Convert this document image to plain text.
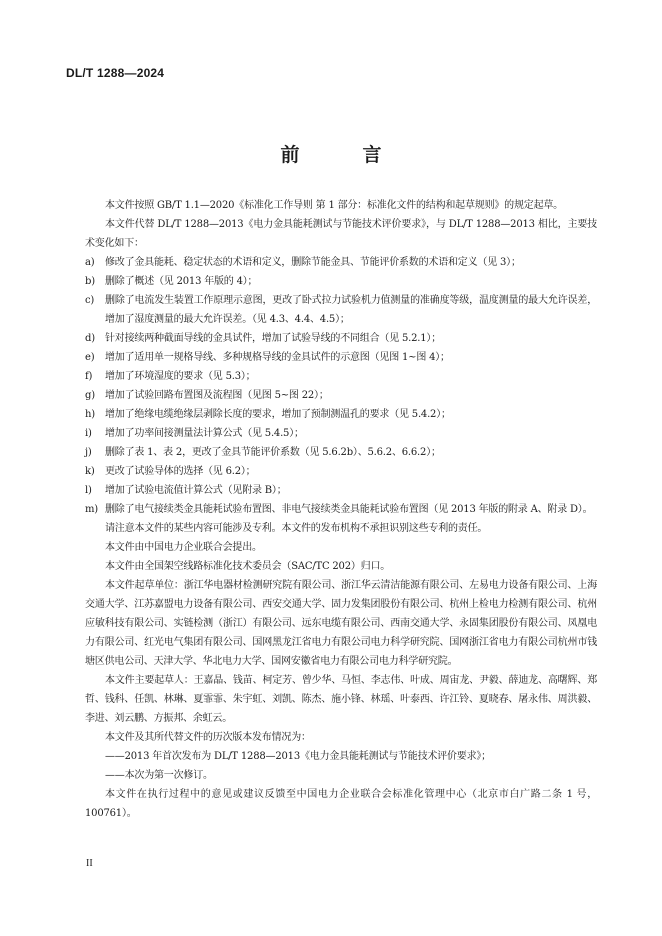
DL/T 1288—2024
前　言

本文件按照 GB/T 1.1—2020《标准化工作导则 第 1 部分：标准化文件的结构和起草规则》的规定起草。

本文件代替 DL/T 1288—2013《电力金具能耗测试与节能技术评价要求》，与 DL/T 1288—2013 相比，主要技术变化如下：

a) 修改了金具能耗、稳定状态的术语和定义，删除节能金具、节能评价系数的术语和定义（见 3）；
b) 删除了概述（见 2013 年版的 4）；
c) 删除了电流发生装置工作原理示意图，更改了卧式拉力试验机力值测量的准确度等级，温度测量的最大允许误差，增加了湿度测量的最大允许误差。（见 4.3、4.4、4.5）；
d) 针对接续两种截面导线的金具试件，增加了试验导线的不同组合（见 5.2.1）；
e) 增加了适用单一规格导线、多种规格导线的金具试件的示意图（见图 1~图 4）；
f) 增加了环境湿度的要求（见 5.3）；
g) 增加了试验回路布置图及流程图（见图 5~图 22）；
h) 增加了绝缘电缆绝缘层剥除长度的要求，增加了预制测温孔的要求（见 5.4.2）；
i) 增加了功率间接测量法计算公式（见 5.4.5）；
j) 删除了表 1、表 2，更改了金具节能评价系数（见 5.6.2b）、5.6.2、6.6.2）；
k) 更改了试验导体的选择（见 6.2）；
l) 增加了试验电流值计算公式（见附录 B）；
m) 删除了电气接续类金具能耗试验布置图、非电气接续类金具能耗试验布置图（见 2013 年版的附录 A、附录 D）。

请注意本文件的某些内容可能涉及专利。本文件的发布机构不承担识别这些专利的责任。

本文件由中国电力企业联合会提出。

本文件由全国架空线路标准化技术委员会（SAC/TC 202）归口。

本文件起草单位：浙江华电器材检测研究院有限公司、浙江华云清洁能源有限公司、左易电力设备有限公司、上海交通大学、江苏嘉盟电力设备有限公司、西安交通大学、固力发集团股份有限公司、杭州上检电力检测有限公司、杭州应敏科技有限公司、实链检测（浙江）有限公司、远东电缆有限公司、西南交通大学、永固集团股份有限公司、凤凰电力有限公司、红光电气集团有限公司、国网黑龙江省电力有限公司电力科学研究院、国网浙江省电力有限公司杭州市钱塘区供电公司、天津大学、华北电力大学、国网安徽省电力有限公司电力科学研究院。

本文件主要起草人：王嘉晶、钱苗、柯定芳、曾少华、马恒、李志伟、叶成、周宙龙、尹毅、薛迪龙、高曙辉、郑哲、钱科、任凯、林琳、夏霏霏、朱宇虹、刘凯、陈杰、施小锋、林瑶、叶泰西、许江铃、夏晓春、屠永伟、周洪毅、李进、刘云鹏、方振邦、余虹云。

本文件及其所代替文件的历次版本发布情况为：

——2013 年首次发布为 DL/T 1288—2013《电力金具能耗测试与节能技术评价要求》；
——本次为第一次修订。

本文件在执行过程中的意见或建议反馈至中国电力企业联合会标准化管理中心（北京市白广路二条 1 号，100761）。

II
